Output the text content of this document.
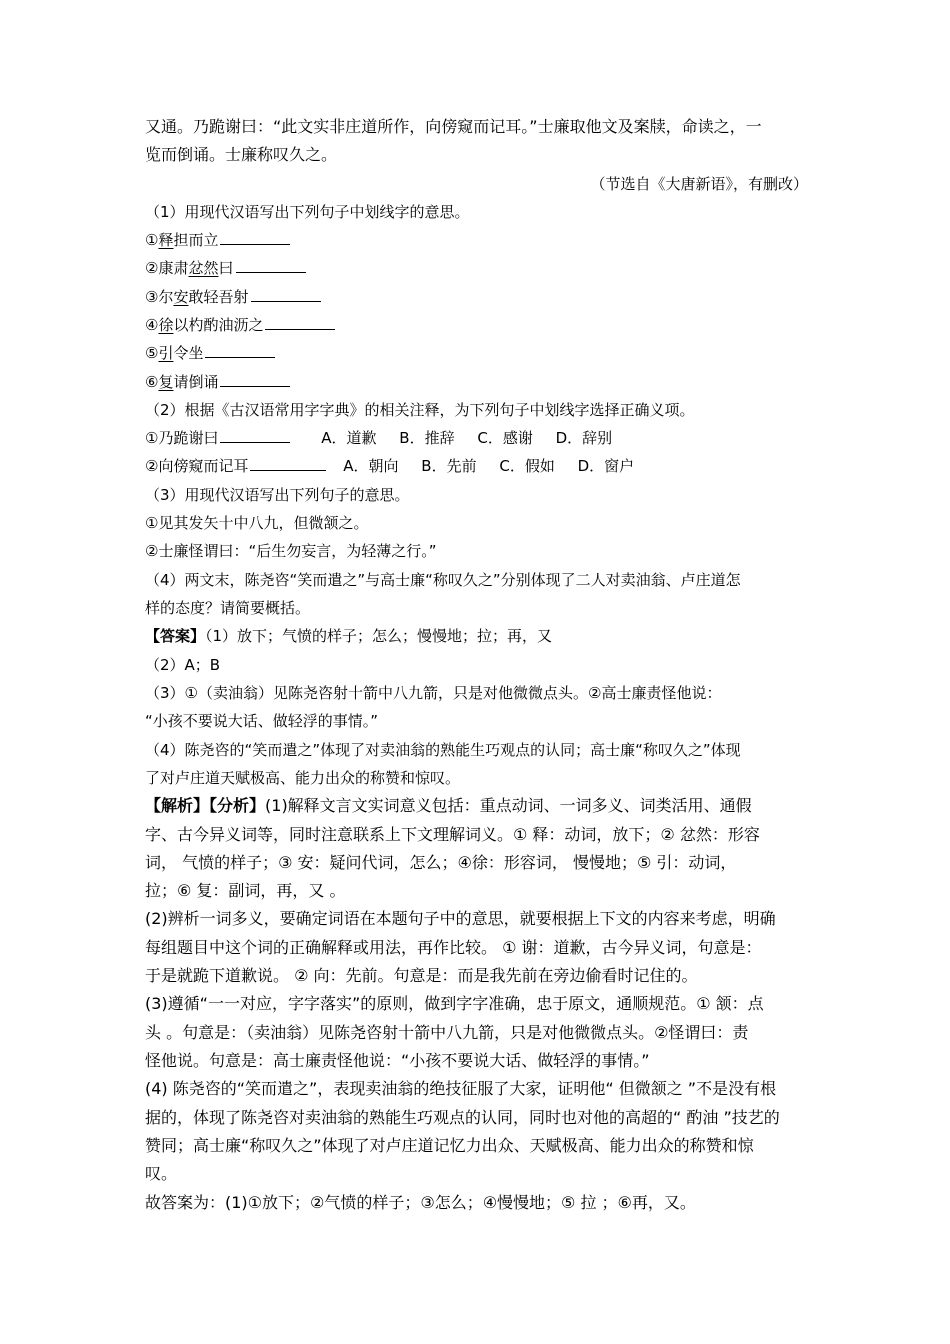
又通。乃跪谢曰：“此文实非庄道所作，向傍窥而记耳。”士廉取他文及案牍，命读之，一
览而倒诵。士廉称叹久之。
（节选自《大唐新语》，有删改）
（1）用现代汉语写出下列句子中划线字的意思。
①释担而立
②康肃忿然曰
③尔安敢轻吾射
④徐以杓酌油沥之
⑤引令坐
⑥复请倒诵
（2）根据《古汉语常用字字典》的相关注释，为下列句子中划线字选择正确义项。
①乃跪谢曰	A．道歉 B．推辞 C．感谢 D．辞别
②向傍窥而记耳	A．朝向 B．先前 C．假如 D．窗户
（3）用现代汉语写出下列句子的意思。
①见其发矢十中八九，但微颔之。
②士廉怪谓曰：“后生勿妄言，为轻薄之行。”
（4）两文末，陈尧咨“笑而遣之”与高士廉“称叹久之”分别体现了二人对卖油翁、卢庄道怎
样的态度？请简要概括。
【答案】（1）放下；气愤的样子；怎么；慢慢地；拉；再，又
（2）A；B
（3）①（卖油翁）见陈尧咨射十箭中八九箭，只是对他微微点头。②高士廉责怪他说：
“小孩不要说大话、做轻浮的事情。”
（4）陈尧咨的“笑而遣之”体现了对卖油翁的熟能生巧观点的认同；高士廉“称叹久之”体现
了对卢庄道天赋极高、能力出众的称赞和惊叹。
【解析】【分析】(1)解释文言文实词意义包括：重点动词、一词多义、词类活用、通假
字、古今异义词等，同时注意联系上下文理解词义。① 释：动词，放下；② 忿然：形容
词， 气愤的样子；③ 安：疑问代词，怎么；④徐：形容词， 慢慢地；⑤ 引：动词，
拉；⑥ 复：副词，再，又 。
(2)辨析一词多义，要确定词语在本题句子中的意思，就要根据上下文的内容来考虑，明确
每组题目中这个词的正确解释或用法，再作比较。 ① 谢：道歉，古今异义词，句意是：
于是就跪下道歉说。 ② 向：先前。句意是：而是我先前在旁边偷看时记住的。
(3)遵循“一一对应，字字落实”的原则，做到字字准确，忠于原文，通顺规范。① 颔：点
头 。句意是：（卖油翁）见陈尧咨射十箭中八九箭，只是对他微微点头。②怪谓曰：责
怪他说。句意是：高士廉责怪他说：“小孩不要说大话、做轻浮的事情。”
(4) 陈尧咨的“笑而遣之”，表现卖油翁的绝技征服了大家，证明他“ 但微颔之 ”不是没有根
据的，体现了陈尧咨对卖油翁的熟能生巧观点的认同，同时也对他的高超的“ 酌油 ”技艺的
赞同；高士廉“称叹久之”体现了对卢庄道记忆力出众、天赋极高、能力出众的称赞和惊
叹。
故答案为：(1)①放下；②气愤的样子；③怎么；④慢慢地；⑤ 拉 ；⑥再，又。
